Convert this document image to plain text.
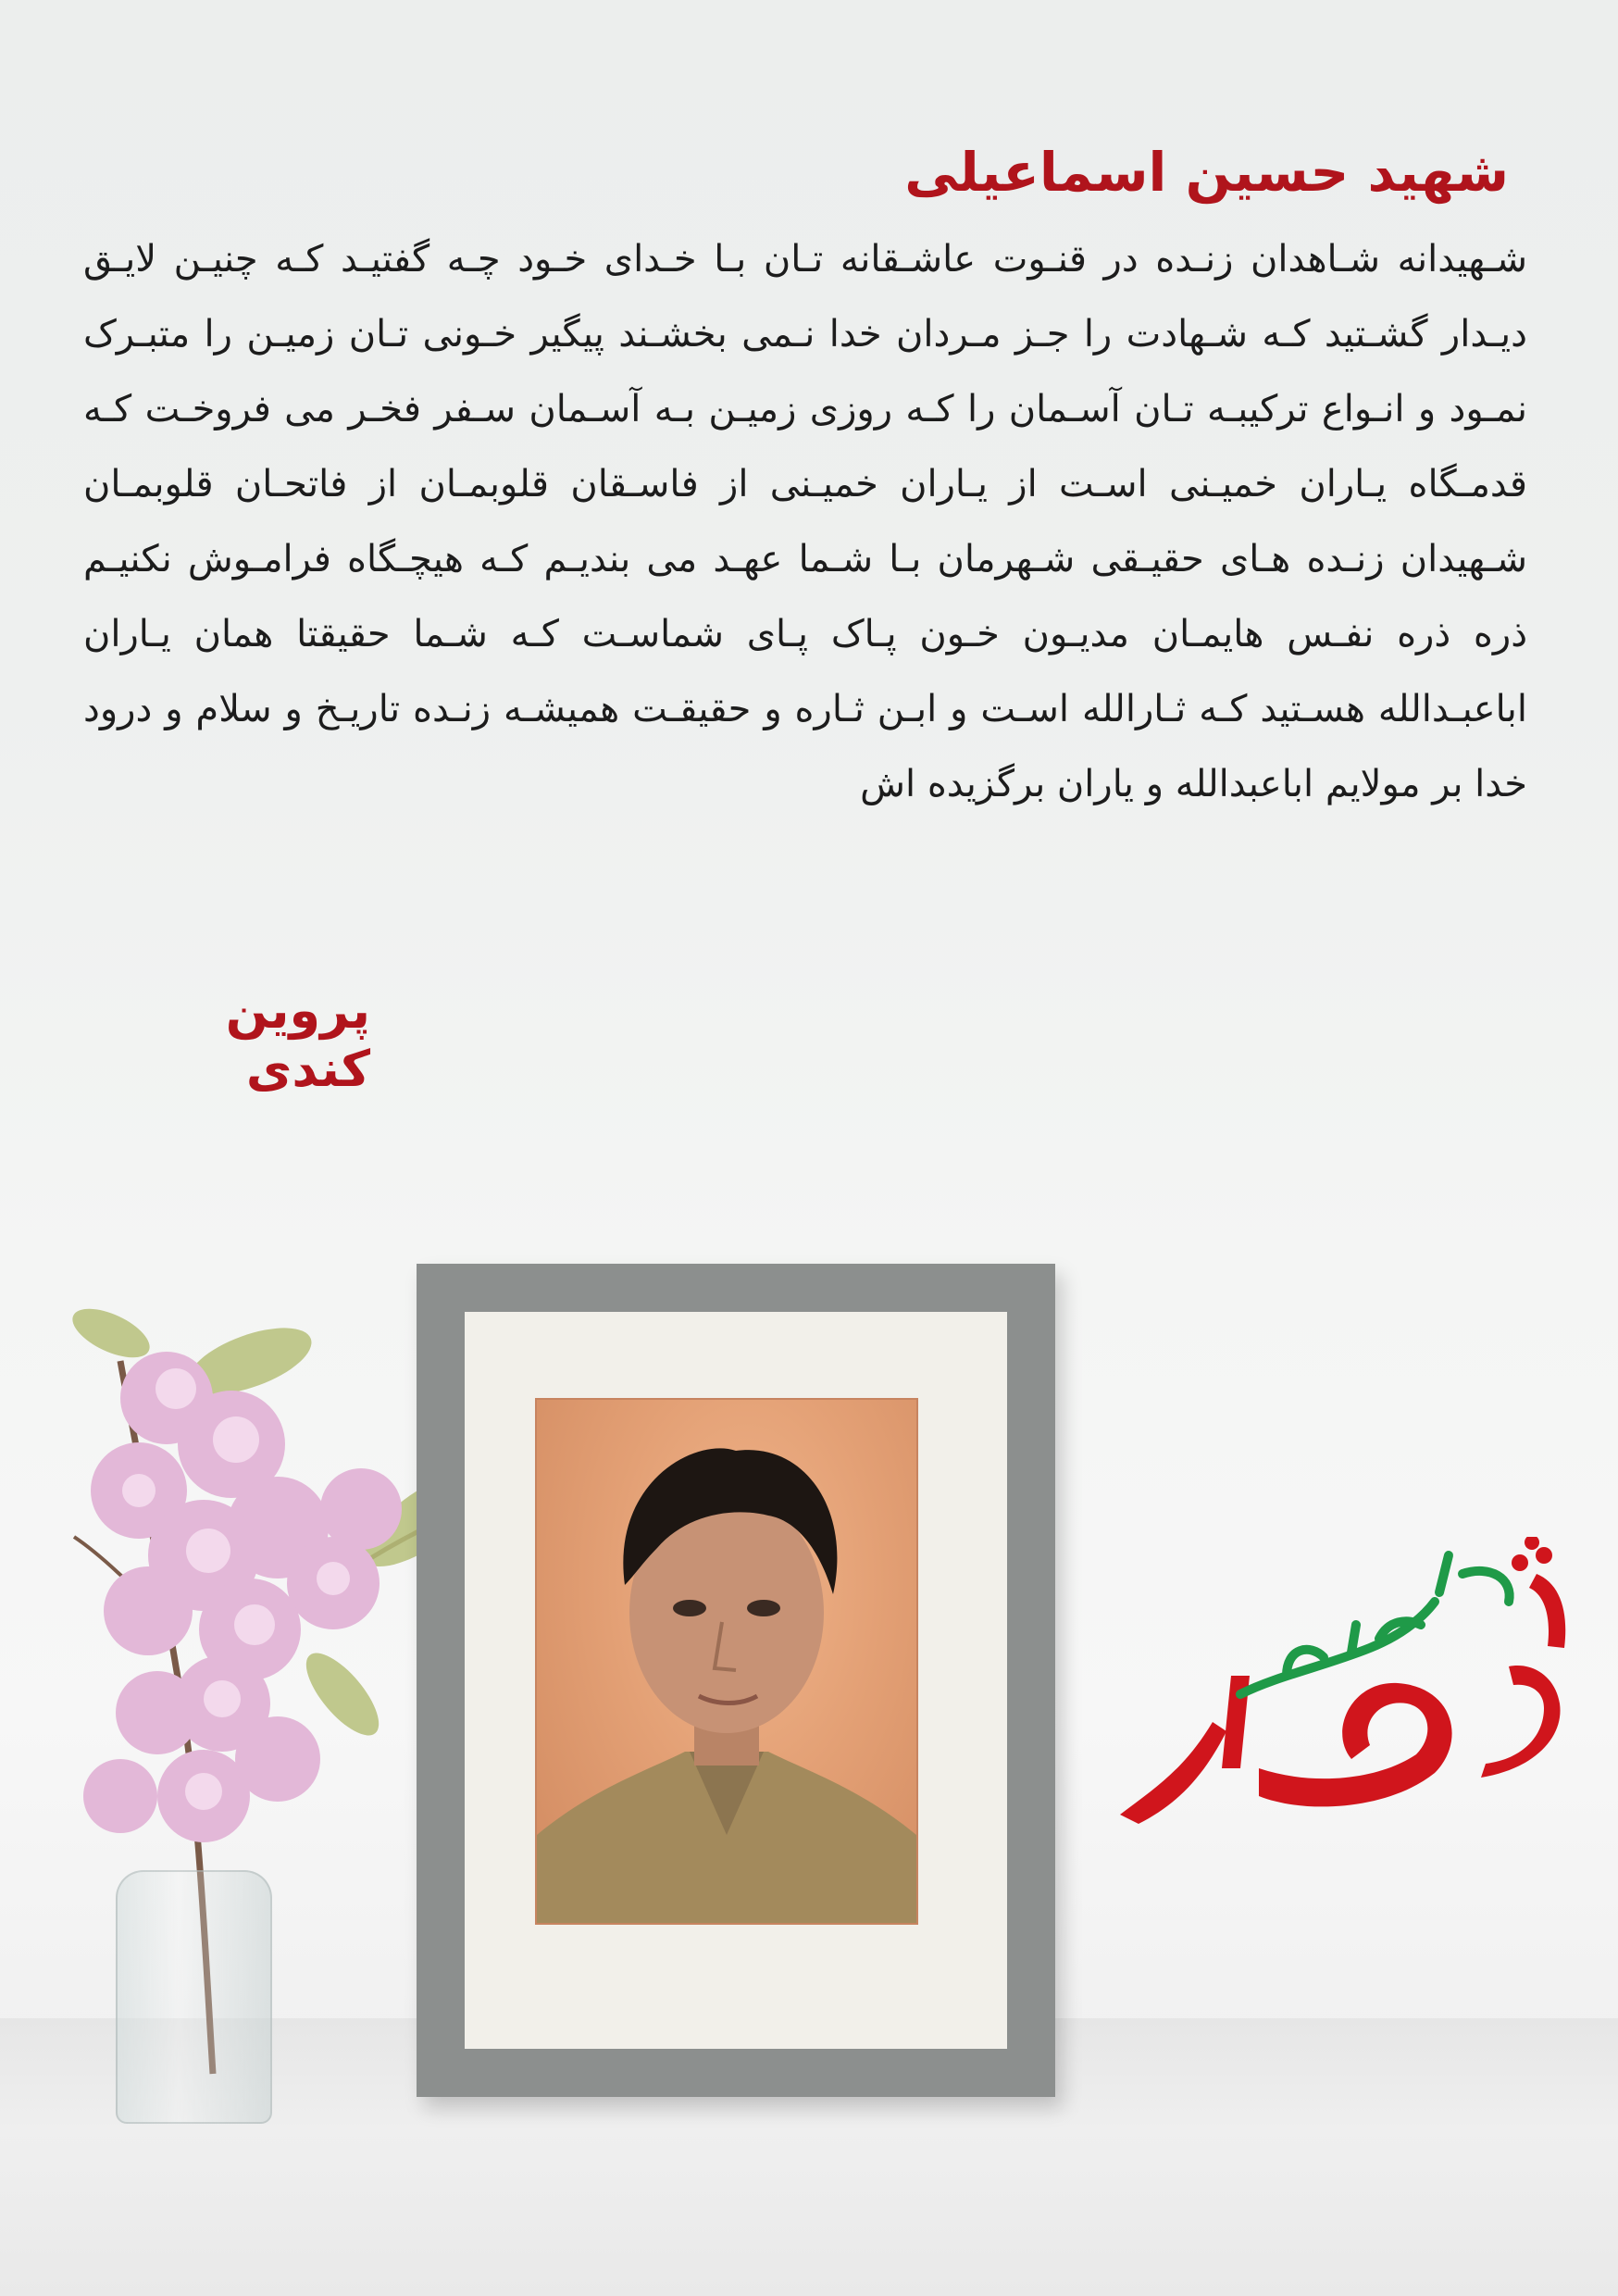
شهید حسین اسماعیلی

شـهیدانه شـاهدان زنـده در قنـوت عاشـقانه تـان بـا خـدای خـود چـه گفتیـد کـه چنیـن لایـق دیـدار گشـتید کـه شـهادت را جـز مـردان خدا نـمی بخشـند پیگیر خـونی تـان زمیـن را متبـرک نمـود و انـواع ترکیبـه تـان آسـمان را کـه روزی زمیـن بـه آسـمان سـفر فخـر می فروخـت کـه قدمـگاه یـاران خمیـنی اسـت از یـاران خمیـنی از فاسـقان قلوبمـان از فاتحـان قلوبمـان شـهیدان زنـده هـای حقیـقی شـهرمان بـا شـما عهـد می بندیـم کـه هیچـگاه فرامـوش نکنیـم ذره ذره نفـس هایمـان مدیـون خـون پـاک پـای شماسـت کـه شـما حقیقتا همان یـاران اباعبـدالله هسـتید کـه ثـارالله اسـت و ابـن ثـاره و حقیقـت همیشـه زنـده تاریـخ و سلام و درود خدا بر مولایم اباعبدالله و یاران برگزیده اش

پروین کندی
